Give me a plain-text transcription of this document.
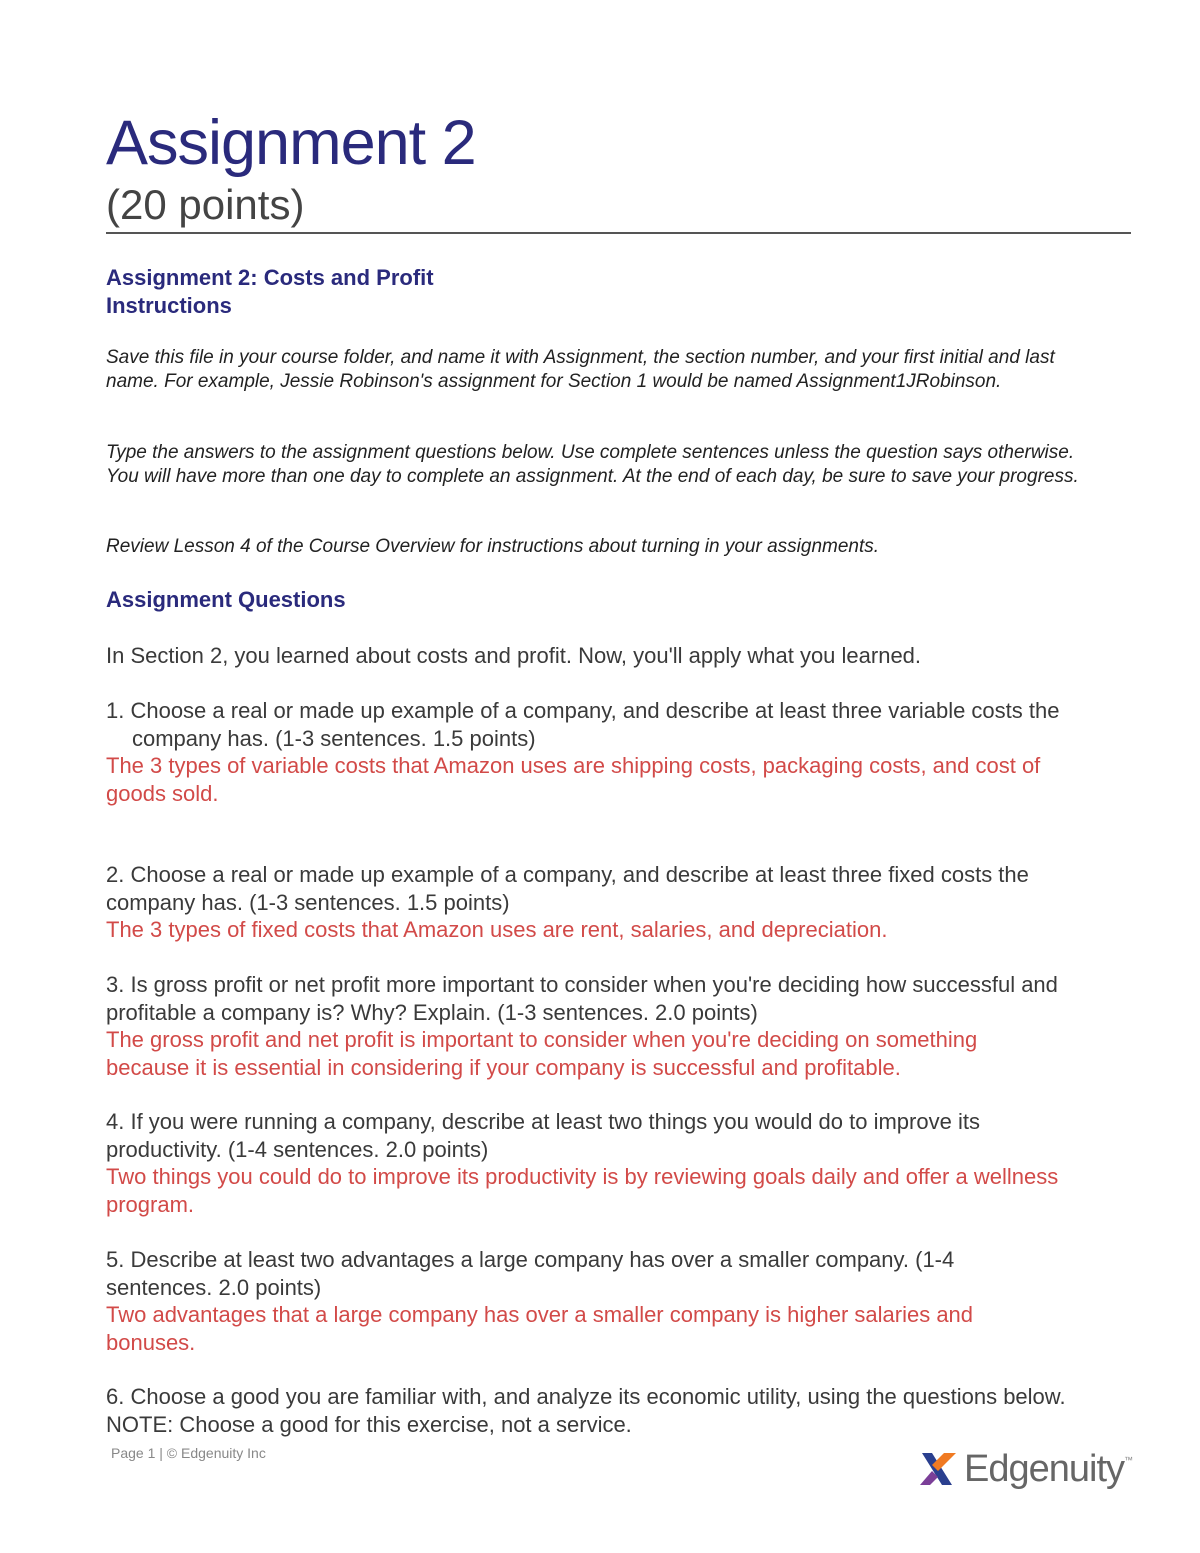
Assignment 2
(20 points)
Assignment 2: Costs and Profit
Instructions
Save this file in your course folder, and name it with Assignment, the section number, and your first initial and last name. For example, Jessie Robinson's assignment for Section 1 would be named Assignment1JRobinson.
Type the answers to the assignment questions below. Use complete sentences unless the question says otherwise. You will have more than one day to complete an assignment. At the end of each day, be sure to save your progress.
Review Lesson 4 of the Course Overview for instructions about turning in your assignments.
Assignment Questions
In Section 2, you learned about costs and profit. Now, you'll apply what you learned.
1. Choose a real or made up example of a company, and describe at least three variable costs the company has. (1-3 sentences. 1.5 points)
The 3 types of variable costs that Amazon uses are shipping costs, packaging costs, and cost of goods sold.
2. Choose a real or made up example of a company, and describe at least three fixed costs the company has. (1-3 sentences. 1.5 points)
The 3 types of fixed costs that Amazon uses are rent, salaries, and depreciation.
3. Is gross profit or net profit more important to consider when you're deciding how successful and profitable a company is? Why? Explain. (1-3 sentences. 2.0 points)
The gross profit and net profit is important to consider when you're deciding on something because it is essential in considering if your company is successful and profitable.
4. If you were running a company, describe at least two things you would do to improve its productivity. (1-4 sentences. 2.0 points)
Two things you could do to improve its productivity is by reviewing goals daily and offer a wellness program.
5. Describe at least two advantages a large company has over a smaller company. (1-4 sentences. 2.0 points)
Two advantages that a large company has over a smaller company is higher salaries and bonuses.
6. Choose a good you are familiar with, and analyze its economic utility, using the questions below. NOTE: Choose a good for this exercise, not a service.
Page 1 | © Edgenuity Inc	Edgenuity ™
